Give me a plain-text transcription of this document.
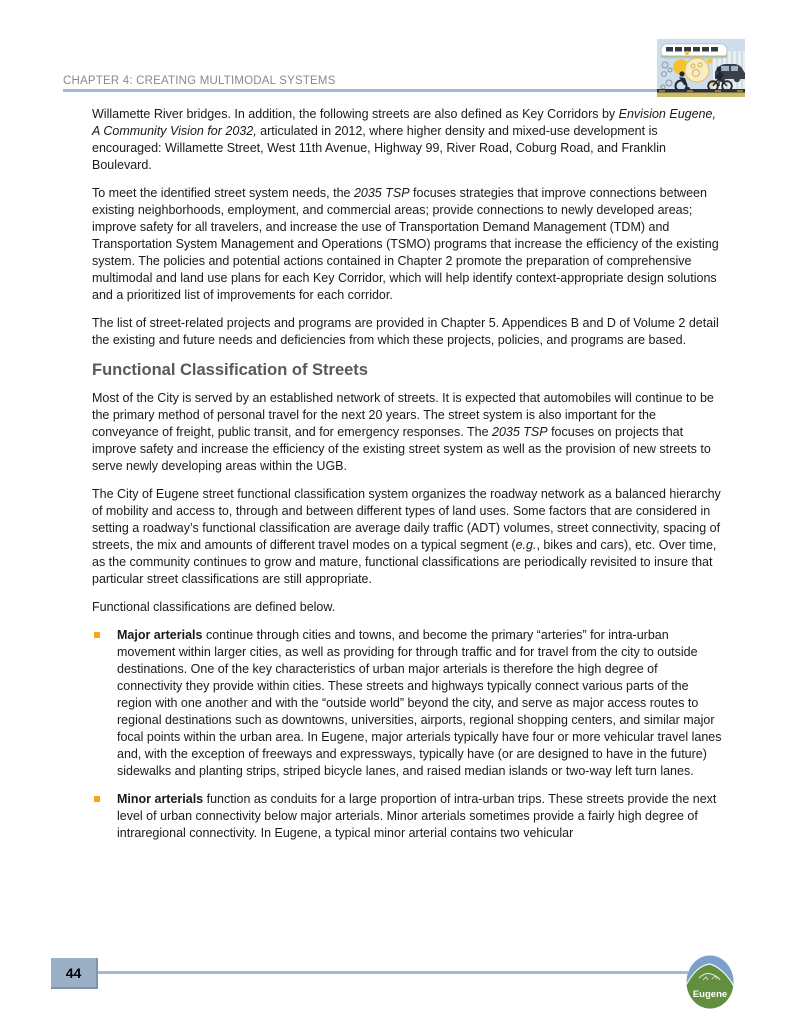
CHAPTER 4: CREATING MULTIMODAL SYSTEMS

Willamette River bridges. In addition, the following streets are also defined as Key Corridors by Envision Eugene, A Community Vision for 2032, articulated in 2012, where higher density and mixed-use development is encouraged: Willamette Street, West 11th Avenue, Highway 99, River Road, Coburg Road, and Franklin Boulevard.

To meet the identified street system needs, the 2035 TSP focuses strategies that improve connections between existing neighborhoods, employment, and commercial areas; provide connections to newly developed areas; improve safety for all travelers, and increase the use of Transportation Demand Management (TDM) and Transportation System Management and Operations (TSMO) programs that increase the efficiency of the existing system. The policies and potential actions contained in Chapter 2 promote the preparation of comprehensive multimodal and land use plans for each Key Corridor, which will help identify context-appropriate design solutions and a prioritized list of improvements for each corridor.

The list of street-related projects and programs are provided in Chapter 5. Appendices B and D of Volume 2 detail the existing and future needs and deficiencies from which these projects, policies, and programs are based.

Functional Classification of Streets

Most of the City is served by an established network of streets. It is expected that automobiles will continue to be the primary method of personal travel for the next 20 years. The street system is also important for the conveyance of freight, public transit, and for emergency responses. The 2035 TSP focuses on projects that improve safety and increase the efficiency of the existing street system as well as the provision of new streets to serve newly developing areas within the UGB.

The City of Eugene street functional classification system organizes the roadway network as a balanced hierarchy of mobility and access to, through and between different types of land uses. Some factors that are considered in setting a roadway’s functional classification are average daily traffic (ADT) volumes, street connectivity, spacing of streets, the mix and amounts of different travel modes on a typical segment (e.g., bikes and cars), etc. Over time, as the community continues to grow and mature, functional classifications are periodically revisited to insure that particular street classifications are still appropriate.

Functional classifications are defined below.

Major arterials continue through cities and towns, and become the primary “arteries” for intra-urban movement within larger cities, as well as providing for through traffic and for travel from the city to outside destinations. One of the key characteristics of urban major arterials is therefore the high degree of connectivity they provide within cities. These streets and highways typically connect various parts of the region with one another and with the “outside world” beyond the city, and serve as major access routes to regional destinations such as downtowns, universities, airports, regional shopping centers, and similar major focal points within the urban area. In Eugene, major arterials typically have four or more vehicular travel lanes and, with the exception of freeways and expressways, typically have (or are designed to have in the future) sidewalks and planting strips, striped bicycle lanes, and raised median islands or two-way left turn lanes.
Minor arterials function as conduits for a large proportion of intra-urban trips. These streets provide the next level of urban connectivity below major arterials. Minor arterials sometimes provide a fairly high degree of intraregional connectivity. In Eugene, a typical minor arterial contains two vehicular
44
Eugene
